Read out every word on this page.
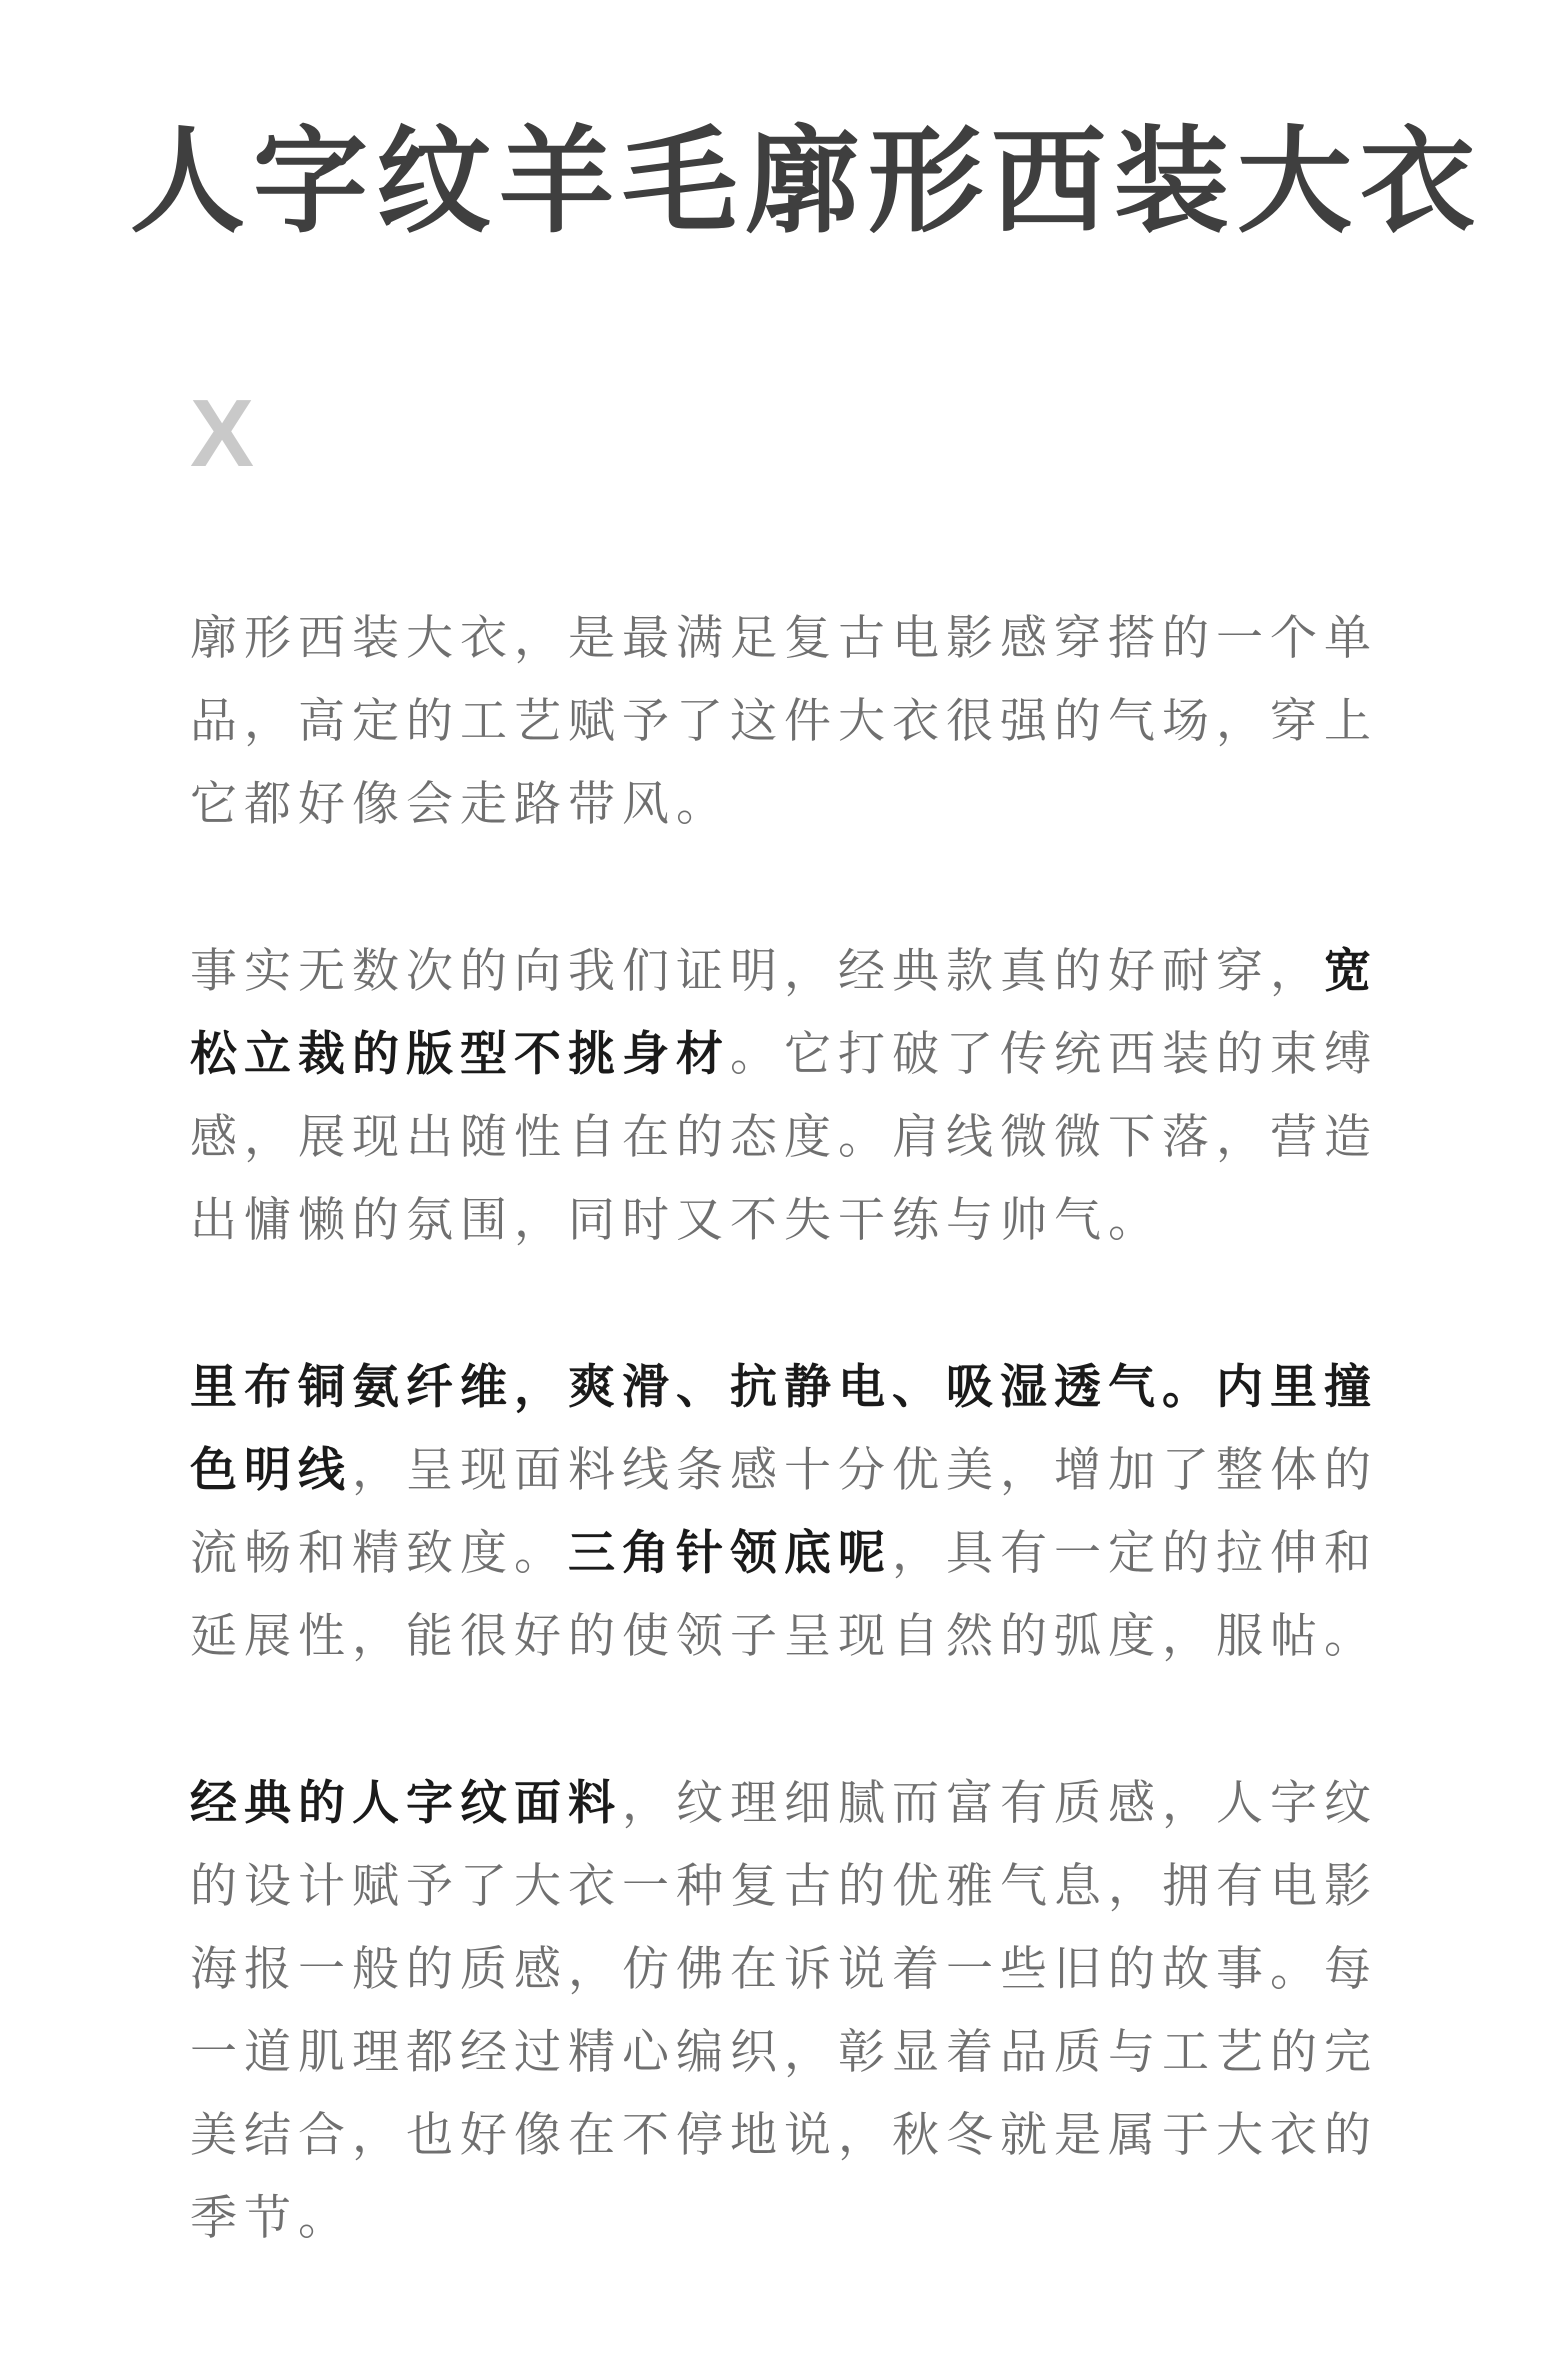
人字纹羊毛廓形西装大衣
X

廓形西装大衣，是最满足复古电影感穿搭的一个单品，高定的工艺赋予了这件大衣很强的气场，穿上它都好像会走路带风。

事实无数次的向我们证明，经典款真的好耐穿，宽松立裁的版型不挑身材。它打破了传统西装的束缚感，展现出随性自在的态度。肩线微微下落，营造出慵懒的氛围，同时又不失干练与帅气。

里布铜氨纤维，爽滑、抗静电、吸湿透气。内里撞色明线，呈现面料线条感十分优美，增加了整体的流畅和精致度。三角针领底呢，具有一定的拉伸和延展性，能很好的使领子呈现自然的弧度，服帖。

经典的人字纹面料，纹理细腻而富有质感，人字纹的设计赋予了大衣一种复古的优雅气息，拥有电影海报一般的质感，仿佛在诉说着一些旧的故事。每一道肌理都经过精心编织，彰显着品质与工艺的完美结合，也好像在不停地说，秋冬就是属于大衣的季节。
